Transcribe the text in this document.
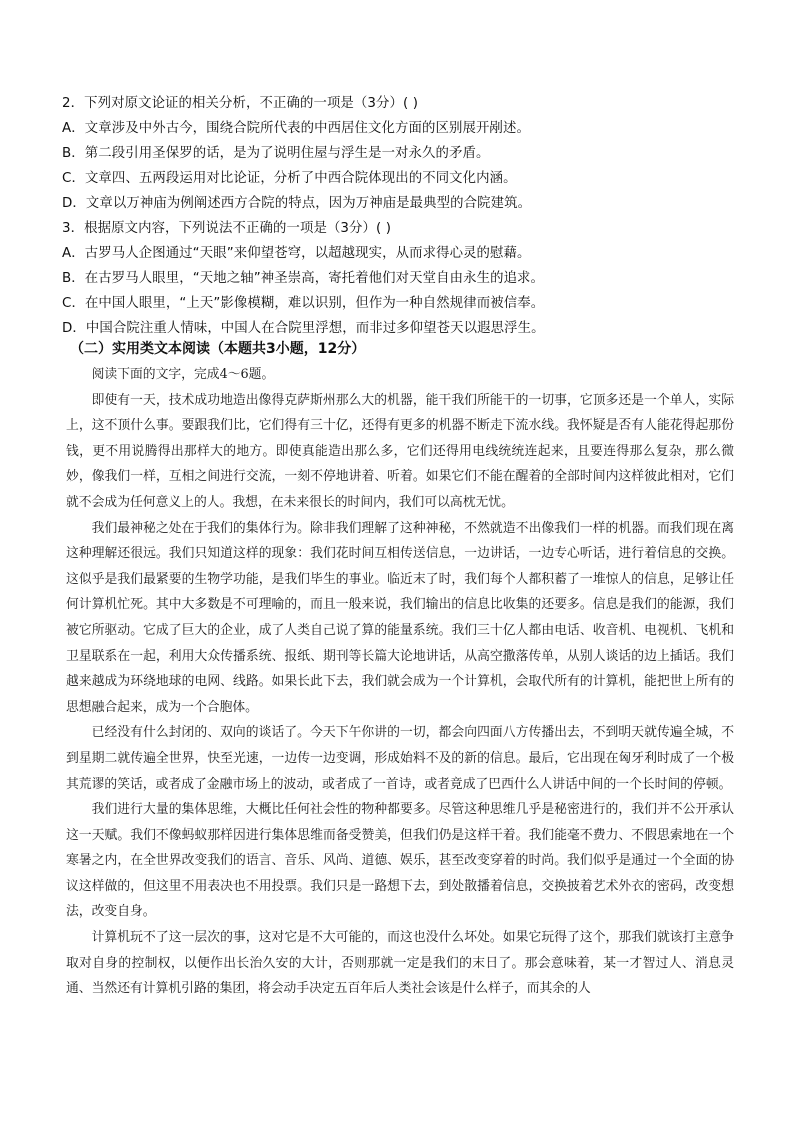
2．下列对原文论证的相关分析，不正确的一项是（3分）( )
A．文章涉及中外古今，围绕合院所代表的中西居住文化方面的区别展开剐述。
B．第二段引用圣保罗的话，是为了说明住屋与浮生是一对永久的矛盾。
C．文章四、五两段运用对比论证，分析了中西合院体现出的不同文化内涵。
D．文章以万神庙为例阐述西方合院的特点，因为万神庙是最典型的合院建筑。
3．根据原文内容，下列说法不正确的一项是（3分）( )
A．古罗马人企图通过“天眼”来仰望苍穹，以超越现实，从而求得心灵的慰藉。
B．在古罗马人眼里，“天地之轴”神圣崇高，寄托着他们对天堂自由永生的追求。
C．在中国人眼里，“上天”影像模糊，难以识别，但作为一种自然规律而被信奉。
D．中国合院注重人情味，中国人在合院里浮想，而非过多仰望苍天以遐思浮生。
（二）实用类文本阅读（本题共3小题，12分）

阅读下面的文字，完成4～6题。

即使有一天，技术成功地造出像得克萨斯州那么大的机器，能干我们所能干的一切事，它顶多还是一个单人，实际上，这不顶什么事。要跟我们比，它们得有三十亿，还得有更多的机器不断走下流水线。我怀疑是否有人能花得起那份钱，更不用说腾得出那样大的地方。即使真能造出那么多，它们还得用电线统统连起来，且要连得那么复杂，那么微妙，像我们一样，互相之间进行交流，一刻不停地讲着、听着。如果它们不能在醒着的全部时间内这样彼此相对，它们就不会成为任何意义上的人。我想，在未来很长的时间内，我们可以高枕无忧。

我们最神秘之处在于我们的集体行为。除非我们理解了这种神秘，不然就造不出像我们一样的机器。而我们现在离这种理解还很远。我们只知道这样的现象：我们花时间互相传送信息，一边讲话，一边专心听话，进行着信息的交换。这似乎是我们最紧要的生物学功能，是我们毕生的事业。临近末了时，我们每个人都积蓄了一堆惊人的信息，足够让任何计算机忙死。其中大多数是不可理喻的，而且一般来说，我们输出的信息比收集的还要多。信息是我们的能源，我们被它所驱动。它成了巨大的企业，成了人类自己说了算的能量系统。我们三十亿人都由电话、收音机、电视机、飞机和卫星联系在一起，利用大众传播系统、报纸、期刊等长篇大论地讲话，从高空撒落传单，从别人谈话的边上插话。我们越来越成为环绕地球的电网、线路。如果长此下去，我们就会成为一个计算机，会取代所有的计算机，能把世上所有的思想融合起来，成为一个合胞体。

已经没有什么封闭的、双向的谈话了。今天下午你讲的一切，都会向四面八方传播出去，不到明天就传遍全城，不到星期二就传遍全世界，快至光速，一边传一边变调，形成始料不及的新的信息。最后，它出现在匈牙利时成了一个极其荒谬的笑话，或者成了金融市场上的波动，或者成了一首诗，或者竟成了巴西什么人讲话中间的一个长时间的停顿。

我们进行大量的集体思维，大概比任何社会性的物种都要多。尽管这种思维几乎是秘密进行的，我们并不公开承认这一天赋。我们不像蚂蚁那样因进行集体思维而备受赞美，但我们仍是这样干着。我们能毫不费力、不假思索地在一个寒暑之内，在全世界改变我们的语言、音乐、风尚、道德、娱乐，甚至改变穿着的时尚。我们似乎是通过一个全面的协议这样做的，但这里不用表决也不用投票。我们只是一路想下去，到处散播着信息，交换披着艺术外衣的密码，改变想法，改变自身。

计算机玩不了这一层次的事，这对它是不大可能的，而这也没什么坏处。如果它玩得了这个，那我们就该打主意争取对自身的控制权，以便作出长治久安的大计，否则那就一定是我们的末日了。那会意味着，某一才智过人、消息灵通、当然还有计算机引路的集团，将会动手决定五百年后人类社会该是什么样子，而其余的人
